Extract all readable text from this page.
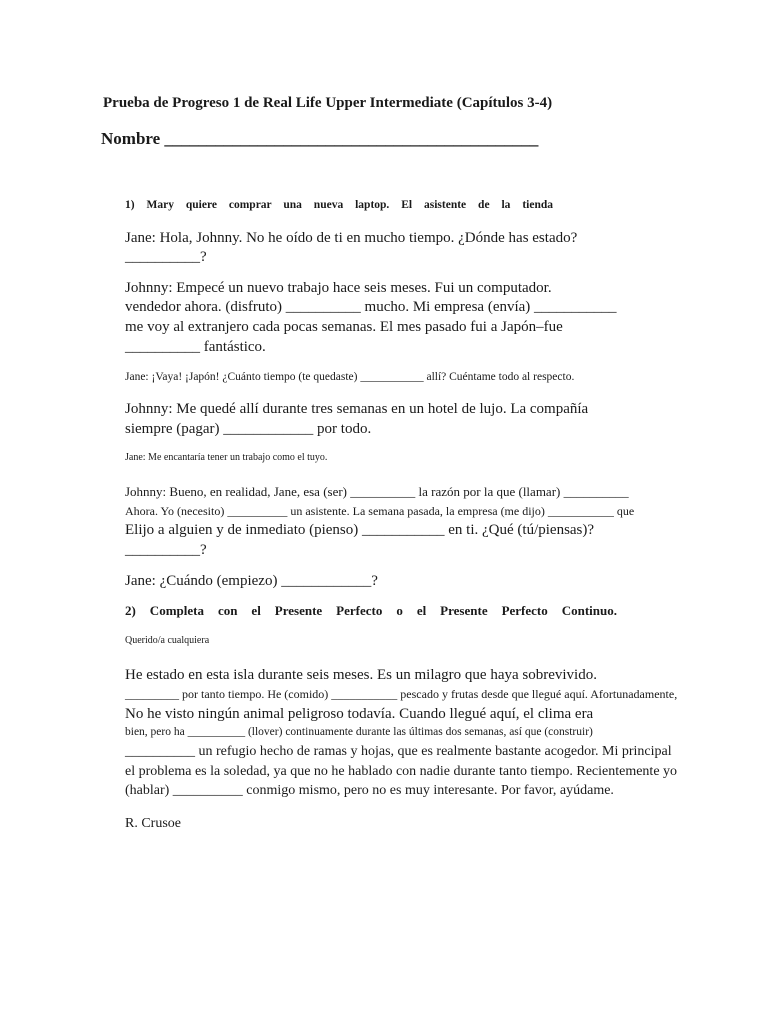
Prueba de Progreso 1 de Real Life Upper Intermediate (Capítulos 3-4)
Nombre ____________________________________________
1) Mary quiere comprar una nueva laptop. El asistente de la tienda
Jane: Hola, Johnny. No he oído de ti en mucho tiempo. ¿Dónde has estado?
__________?
Johnny: Empecé un nuevo trabajo hace seis meses. Fui un computador.
vendedor ahora. (disfruto) __________ mucho. Mi empresa (envía) ___________
me voy al extranjero cada pocas semanas. El mes pasado fui a Japón–fue
__________ fantástico.
Jane: ¡Vaya! ¡Japón! ¿Cuánto tiempo (te quedaste) ___________ allí? Cuéntame todo al respecto.
Johnny: Me quedé allí durante tres semanas en un hotel de lujo. La compañía
siempre (pagar) ____________ por todo.
Jane: Me encantaría tener un trabajo como el tuyo.
Johnny: Bueno, en realidad, Jane, esa (ser) __________ la razón por la que (llamar) __________
Ahora. Yo (necesito) __________ un asistente. La semana pasada, la empresa (me dijo) ___________ que
Elijo a alguien y de inmediato (pienso) ___________ en ti. ¿Qué (tú/piensas)?
__________?
Jane: ¿Cuándo (empiezo) ____________?
2) Completa con el Presente Perfecto o el Presente Perfecto Continuo.
Querido/a cualquiera
He estado en esta isla durante seis meses. Es un milagro que haya sobrevivido.
_________ por tanto tiempo. He (comido) ___________ pescado y frutas desde que llegué aquí. Afortunadamente,
No he visto ningún animal peligroso todavía. Cuando llegué aquí, el clima era
bien, pero ha __________ (llover) continuamente durante las últimas dos semanas, así que (construir)
__________ un refugio hecho de ramas y hojas, que es realmente bastante acogedor. Mi principal
el problema es la soledad, ya que no he hablado con nadie durante tanto tiempo. Recientemente yo
(hablar) __________ conmigo mismo, pero no es muy interesante. Por favor, ayúdame.
R. Crusoe
